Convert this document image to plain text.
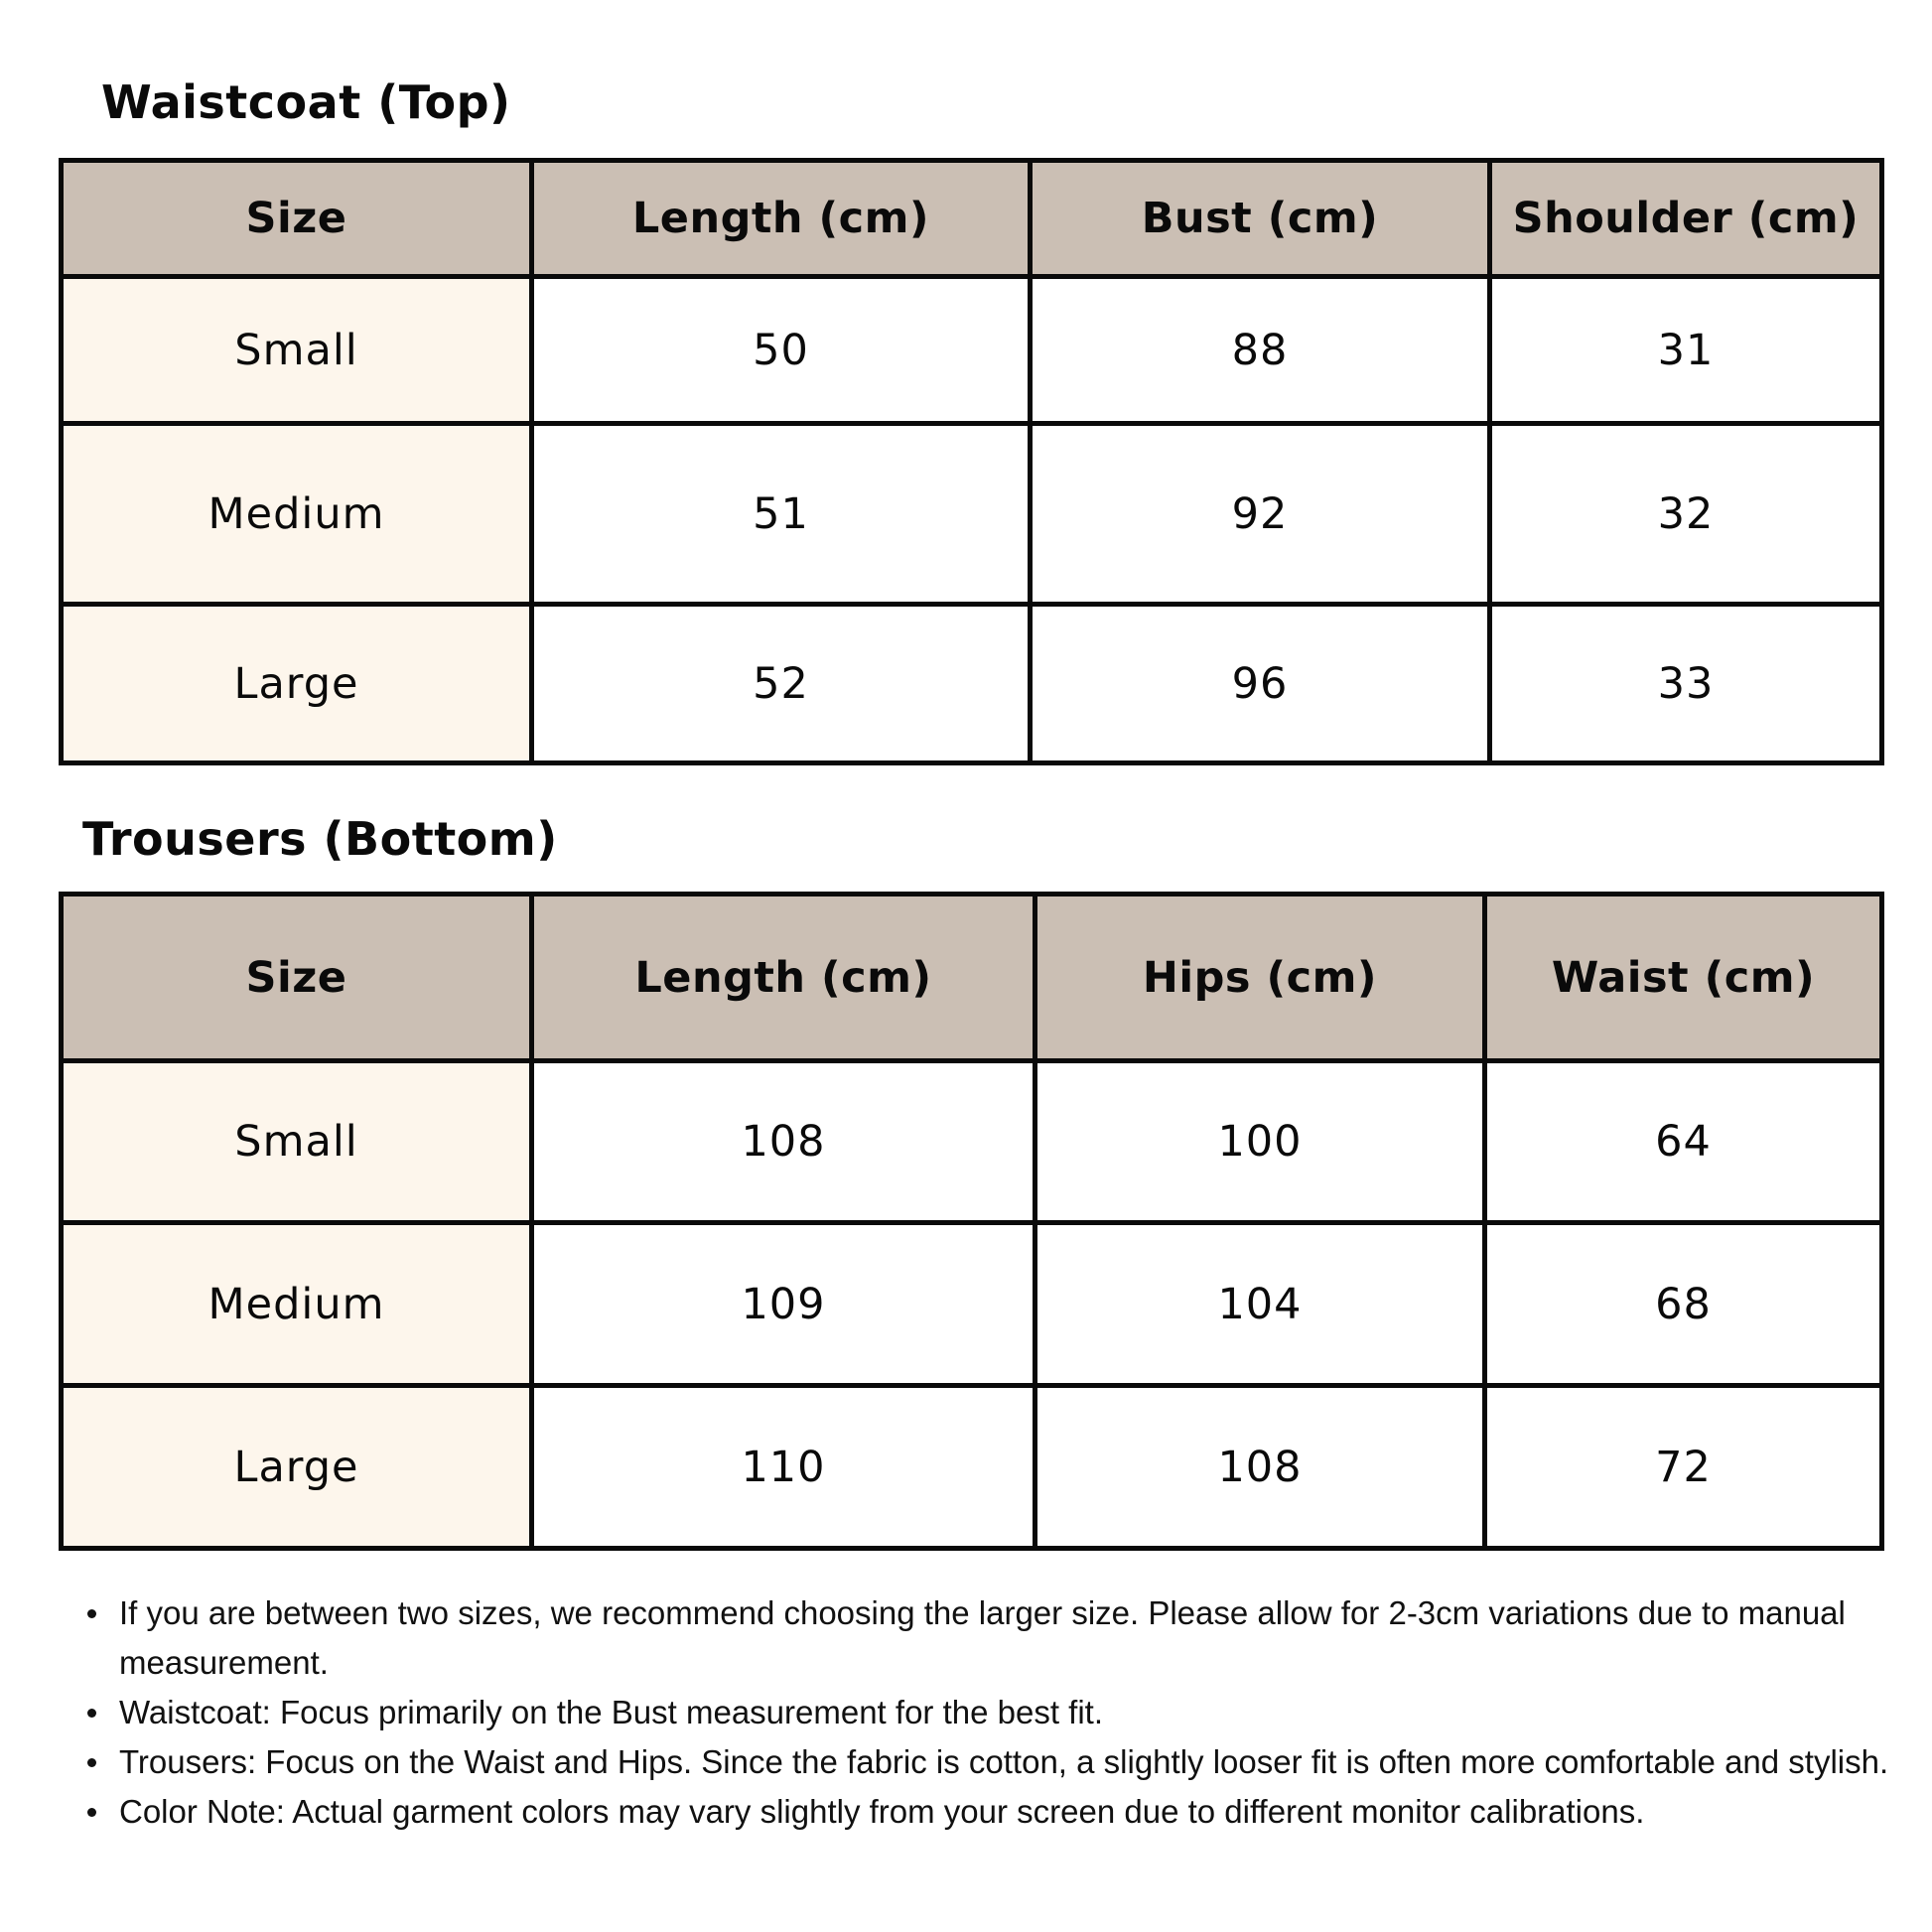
Waistcoat (Top)
Size	Length (cm)	Bust (cm)	Shoulder (cm)
Small	50	88	31
Medium	51	92	32
Large	52	96	33
Trousers (Bottom)
Size	Length (cm)	Hips (cm)	Waist (cm)
Small	108	100	64
Medium	109	104	68
Large	110	108	72
If you are between two sizes, we recommend choosing the larger size. Please allow for 2-3cm variations due to manual measurement.
Waistcoat: Focus primarily on the Bust measurement for the best fit.
Trousers: Focus on the Waist and Hips. Since the fabric is cotton, a slightly looser fit is often more comfortable and stylish.
Color Note: Actual garment colors may vary slightly from your screen due to different monitor calibrations.
